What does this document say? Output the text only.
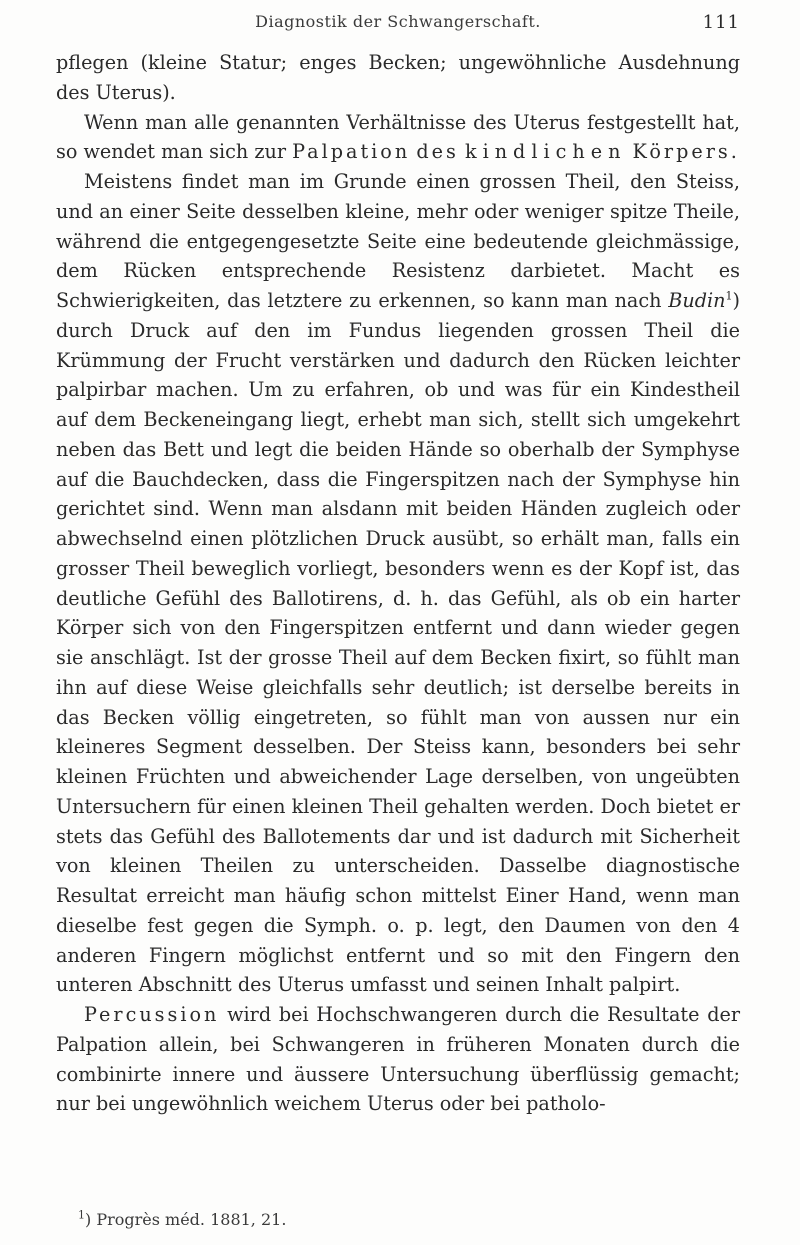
Diagnostik der Schwangerschaft.	111

pflegen (kleine Statur; enges Becken; ungewöhnliche Ausdehnung des Uterus).

Wenn man alle genannten Verhältnisse des Uterus festgestellt hat, so wendet man sich zur Palpation des kindlichen Körpers.

Meistens findet man im Grunde einen grossen Theil, den Steiss, und an einer Seite desselben kleine, mehr oder weniger spitze Theile, während die entgegengesetzte Seite eine bedeutende gleichmässige, dem Rücken entsprechende Resistenz darbietet. Macht es Schwierigkeiten, das letztere zu erkennen, so kann man nach Budin$^1$) durch Druck auf den im Fundus liegenden grossen Theil die Krümmung der Frucht verstärken und dadurch den Rücken leichter palpirbar machen. Um zu erfahren, ob und was für ein Kindestheil auf dem Beckeneingang liegt, erhebt man sich, stellt sich umgekehrt neben das Bett und legt die beiden Hände so oberhalb der Symphyse auf die Bauchdecken, dass die Fingerspitzen nach der Symphyse hin gerichtet sind. Wenn man alsdann mit beiden Händen zugleich oder abwechselnd einen plötzlichen Druck ausübt, so erhält man, falls ein grosser Theil beweglich vorliegt, besonders wenn es der Kopf ist, das deutliche Gefühl des Ballotirens, d. h. das Gefühl, als ob ein harter Körper sich von den Fingerspitzen entfernt und dann wieder gegen sie anschlägt. Ist der grosse Theil auf dem Becken fixirt, so fühlt man ihn auf diese Weise gleichfalls sehr deutlich; ist derselbe bereits in das Becken völlig eingetreten, so fühlt man von aussen nur ein kleineres Segment desselben. Der Steiss kann, besonders bei sehr kleinen Früchten und abweichender Lage derselben, von ungeübten Untersuchern für einen kleinen Theil gehalten werden. Doch bietet er stets das Gefühl des Ballotements dar und ist dadurch mit Sicherheit von kleinen Theilen zu unterscheiden. Dasselbe diagnostische Resultat erreicht man häufig schon mittelst Einer Hand, wenn man dieselbe fest gegen die Symph. o. p. legt, den Daumen von den 4 anderen Fingern möglichst entfernt und so mit den Fingern den unteren Abschnitt des Uterus umfasst und seinen Inhalt palpirt.

Percussion wird bei Hochschwangeren durch die Resultate der Palpation allein, bei Schwangeren in früheren Monaten durch die combinirte innere und äussere Untersuchung überflüssig gemacht; nur bei ungewöhnlich weichem Uterus oder bei patholo-

$^1$) Progrès méd. 1881, 21.
